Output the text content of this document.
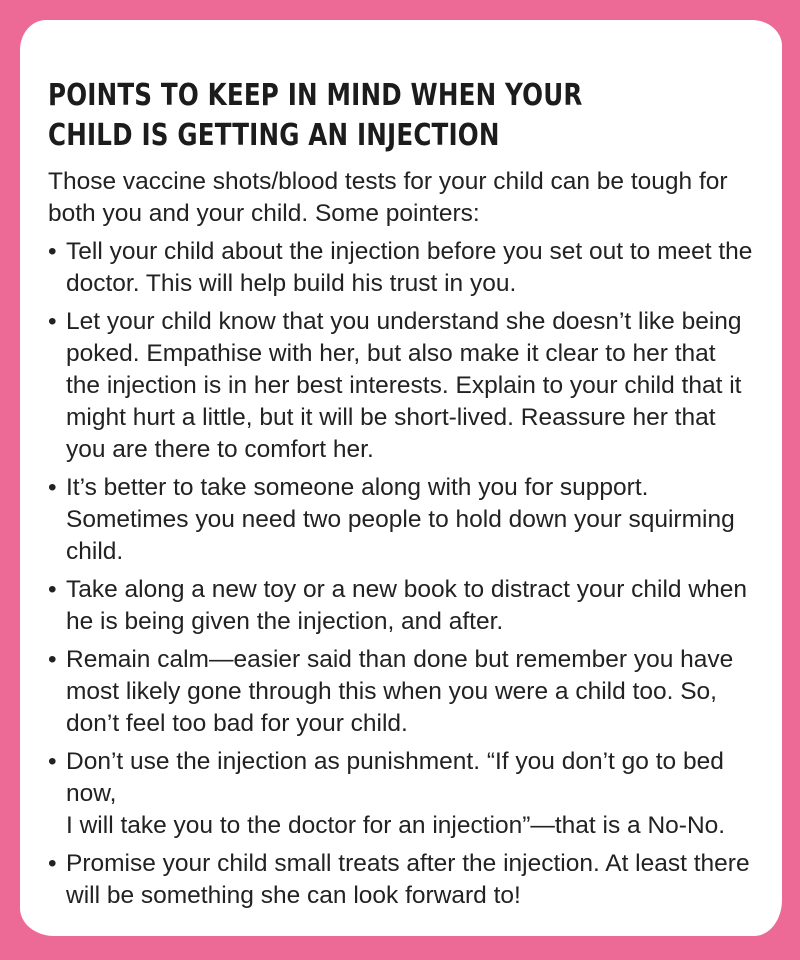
POINTS TO KEEP IN MIND WHEN YOUR
CHILD IS GETTING AN INJECTION

Those vaccine shots/blood tests for your child can be tough for both you and your child. Some pointers:

• Tell your child about the injection before you set out to meet the doctor. This will help build his trust in you.
• Let your child know that you understand she doesn’t like being poked. Empathise with her, but also make it clear to her that the injection is in her best interests. Explain to your child that it might hurt a little, but it will be short-lived. Reassure her that you are there to comfort her.
• It’s better to take someone along with you for support. Sometimes you need two people to hold down your squirming child.
• Take along a new toy or a new book to distract your child when he is being given the injection, and after.
• Remain calm—easier said than done but remember you have most likely gone through this when you were a child too. So, don’t feel too bad for your child.
• Don’t use the injection as punishment. “If you don’t go to bed now,
I will take you to the doctor for an injection”—that is a No-No.
• Promise your child small treats after the injection. At least there will be something she can look forward to!
